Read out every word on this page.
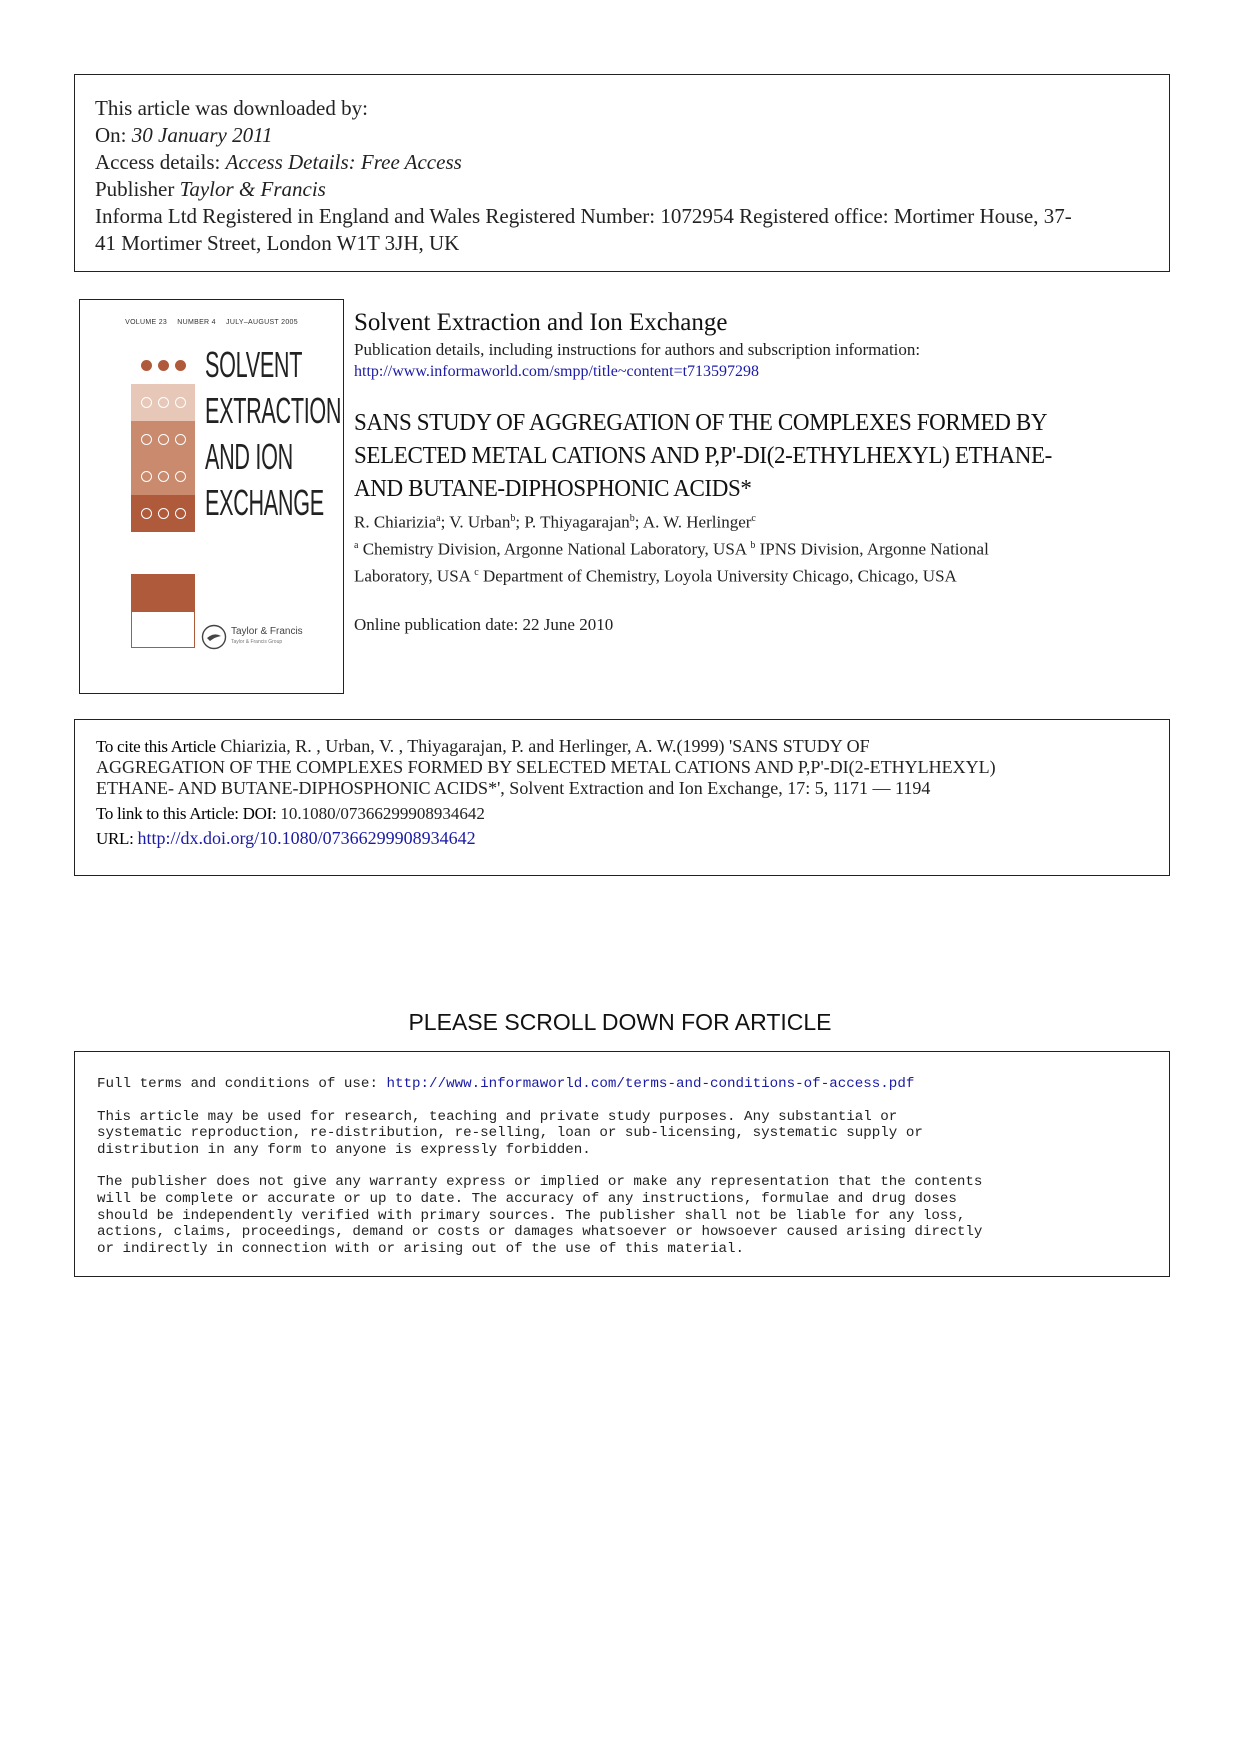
This article was downloaded by:
On: 30 January 2011
Access details: Access Details: Free Access
Publisher Taylor & Francis
Informa Ltd Registered in England and Wales Registered Number: 1072954 Registered office: Mortimer House, 37-
41 Mortimer Street, London W1T 3JH, UK
VOLUME 23 NUMBER 4 JULY–AUGUST 2005
SOLVENT
EXTRACTION
AND ION
EXCHANGE
Taylor & Francis
Taylor & Francis Group
Solvent Extraction and Ion Exchange
Publication details, including instructions for authors and subscription information:
http://www.informaworld.com/smpp/title~content=t713597298
SANS STUDY OF AGGREGATION OF THE COMPLEXES FORMED BY
SELECTED METAL CATIONS AND P,P'-DI(2-ETHYLHEXYL) ETHANE-
AND BUTANE-DIPHOSPHONIC ACIDS*
R. Chiarizia$^a$; V. Urban$^b$; P. Thiyagarajan$^b$; A. W. Herlinger$^c$
$^a$ Chemistry Division, Argonne National Laboratory, USA $^b$ IPNS Division, Argonne National
Laboratory, USA $^c$ Department of Chemistry, Loyola University Chicago, Chicago, USA
Online publication date: 22 June 2010
To cite this Article Chiarizia, R. , Urban, V. , Thiyagarajan, P. and Herlinger, A. W.(1999) 'SANS STUDY OF
AGGREGATION OF THE COMPLEXES FORMED BY SELECTED METAL CATIONS AND P,P'-DI(2-ETHYLHEXYL)
ETHANE- AND BUTANE-DIPHOSPHONIC ACIDS*', Solvent Extraction and Ion Exchange, 17: 5, 1171 — 1194
To link to this Article: DOI: 10.1080/07366299908934642
URL: http://dx.doi.org/10.1080/07366299908934642
PLEASE SCROLL DOWN FOR ARTICLE

Full terms and conditions of use: http://www.informaworld.com/terms-and-conditions-of-access.pdf

This article may be used for research, teaching and private study purposes. Any substantial or
systematic reproduction, re-distribution, re-selling, loan or sub-licensing, systematic supply or
distribution in any form to anyone is expressly forbidden.

The publisher does not give any warranty express or implied or make any representation that the contents
will be complete or accurate or up to date. The accuracy of any instructions, formulae and drug doses
should be independently verified with primary sources. The publisher shall not be liable for any loss,
actions, claims, proceedings, demand or costs or damages whatsoever or howsoever caused arising directly
or indirectly in connection with or arising out of the use of this material.
